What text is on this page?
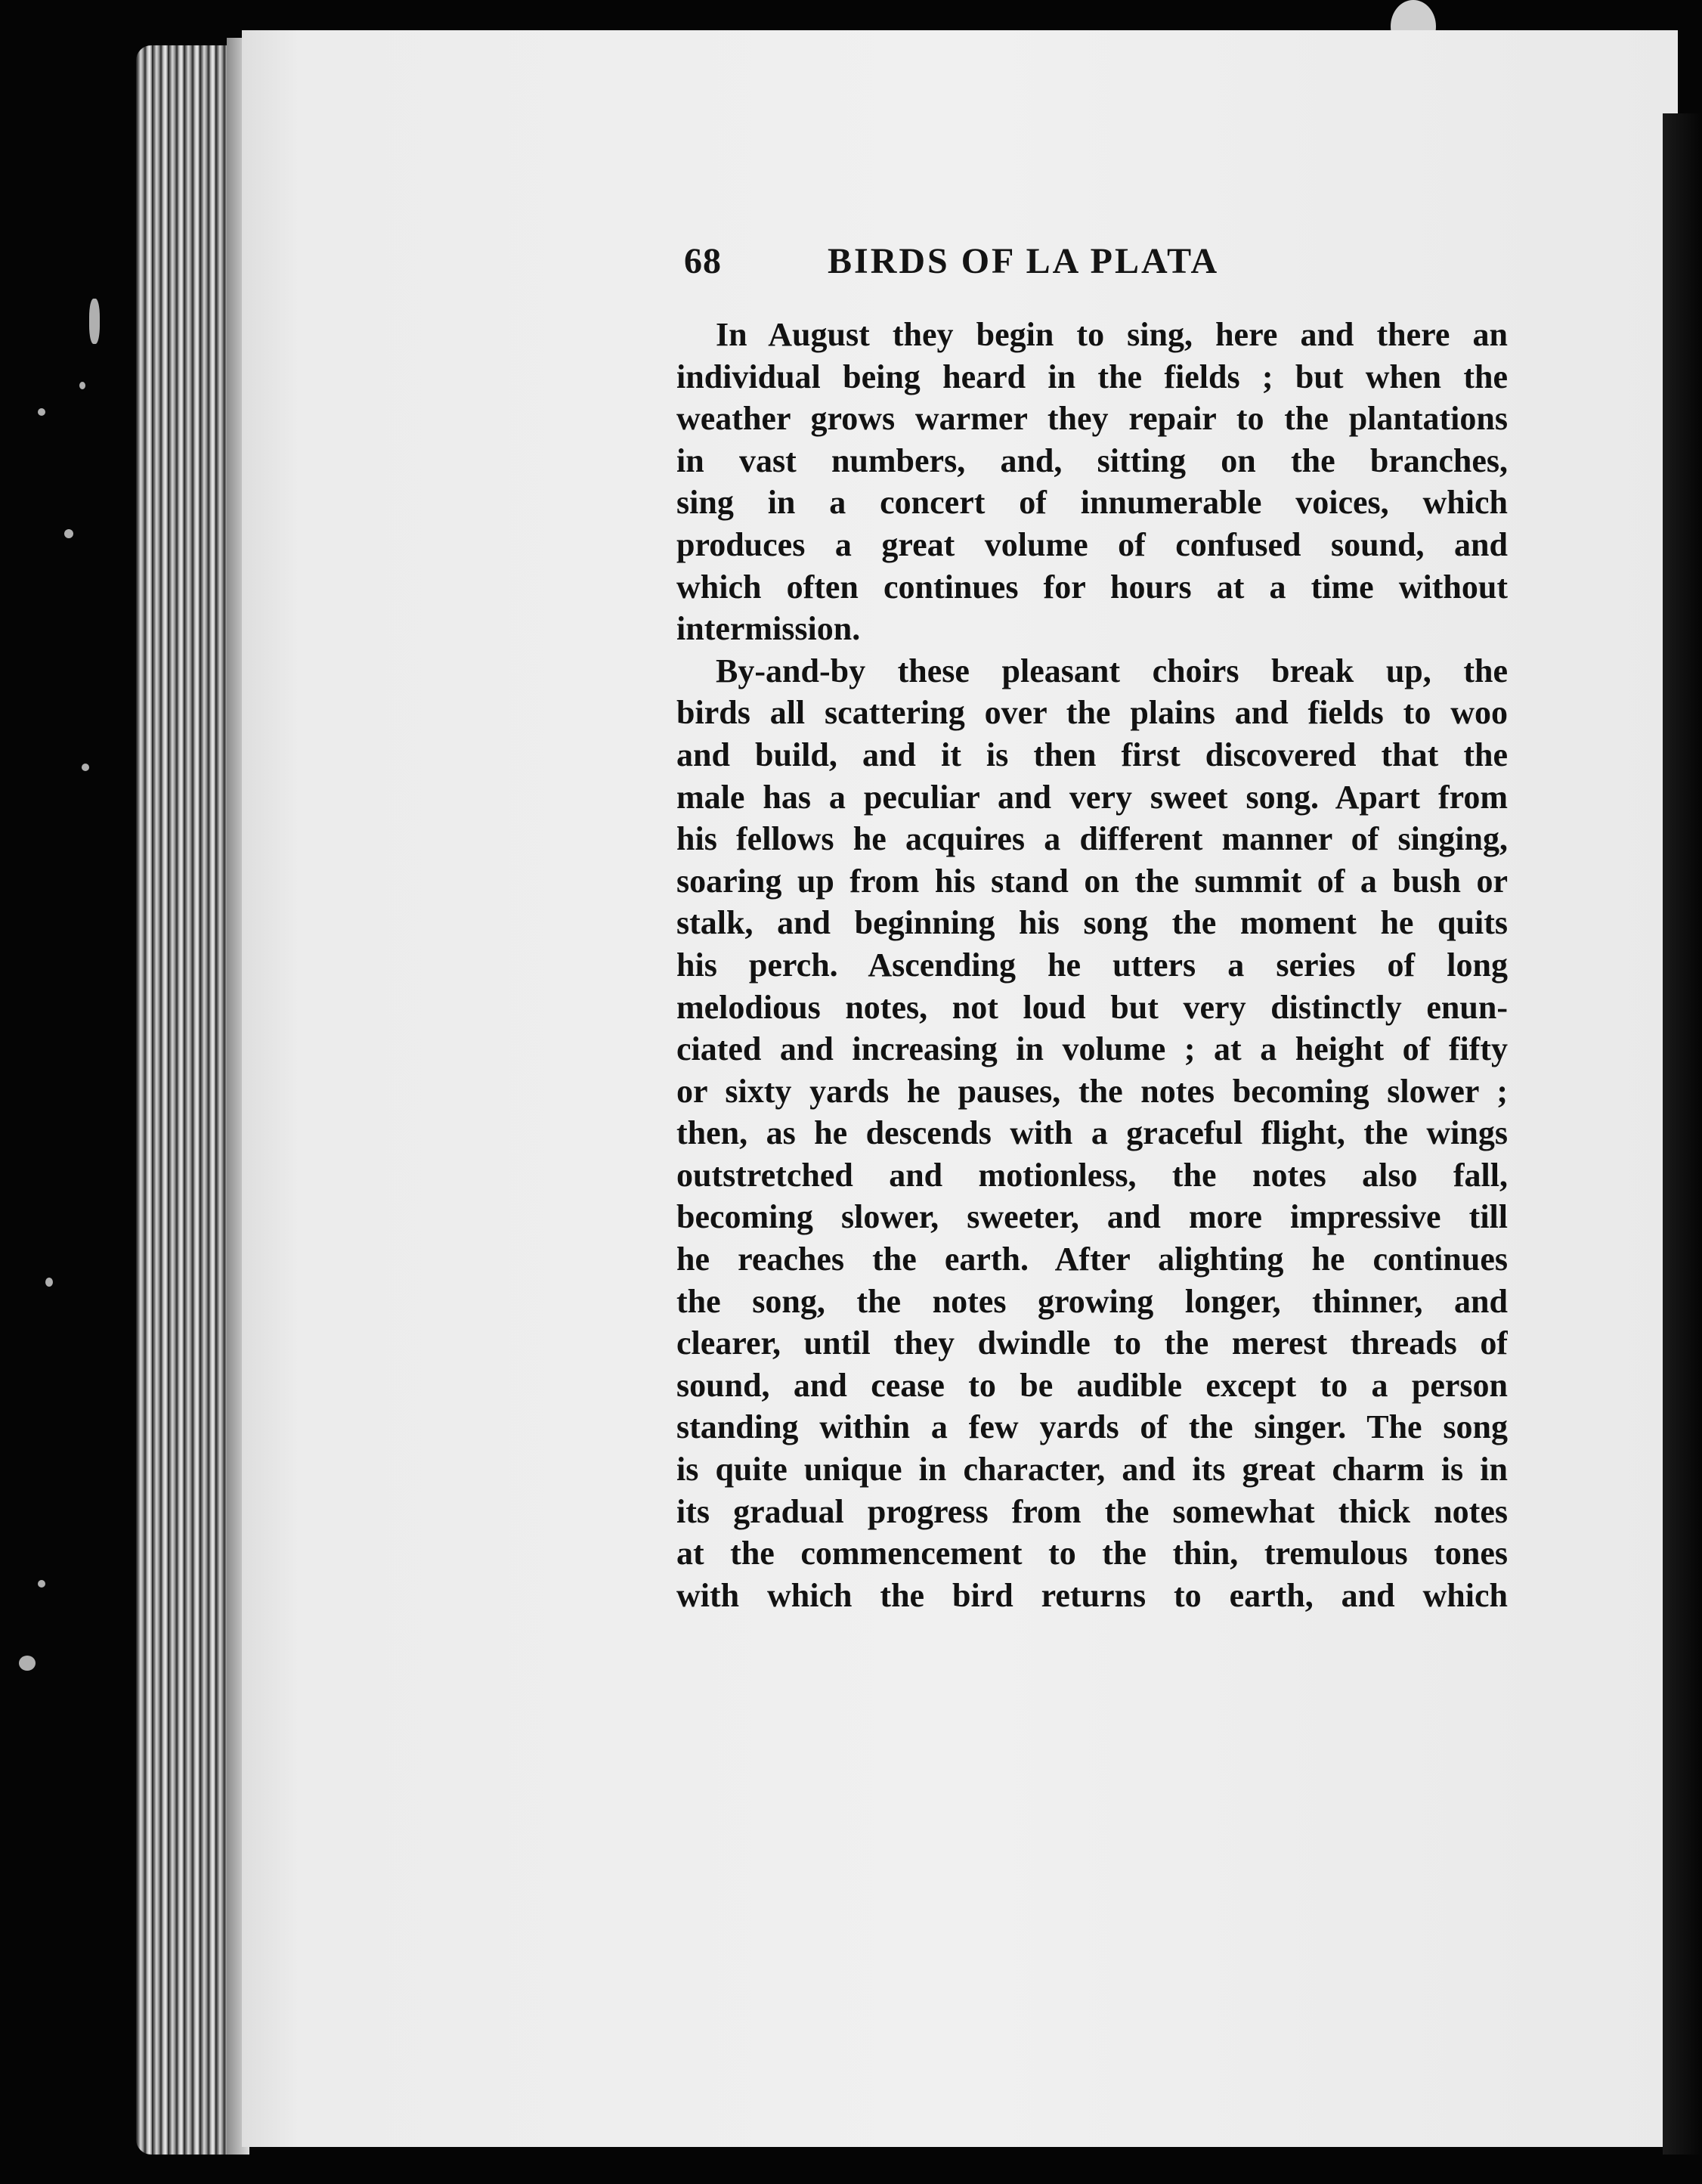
68	BIRDS OF LA PLATA
In August they begin to sing, here and there an
individual being heard in the fields ; but when the
weather grows warmer they repair to the plantations
in vast numbers, and, sitting on the branches,
sing in a concert of innumerable voices, which
produces a great volume of confused sound, and
which often continues for hours at a time without
intermission.
By-and-by these pleasant choirs break up, the
birds all scattering over the plains and fields to woo
and build, and it is then first discovered that the
male has a peculiar and very sweet song. Apart from
his fellows he acquires a different manner of singing,
soaring up from his stand on the summit of a bush or
stalk, and beginning his song the moment he quits
his perch. Ascending he utters a series of long
melodious notes, not loud but very distinctly enun-
ciated and increasing in volume ; at a height of fifty
or sixty yards he pauses, the notes becoming slower ;
then, as he descends with a graceful flight, the wings
outstretched and motionless, the notes also fall,
becoming slower, sweeter, and more impressive till
he reaches the earth. After alighting he continues
the song, the notes growing longer, thinner, and
clearer, until they dwindle to the merest threads of
sound, and cease to be audible except to a person
standing within a few yards of the singer. The song
is quite unique in character, and its great charm is in
its gradual progress from the somewhat thick notes
at the commencement to the thin, tremulous tones
with which the bird returns to earth, and which
